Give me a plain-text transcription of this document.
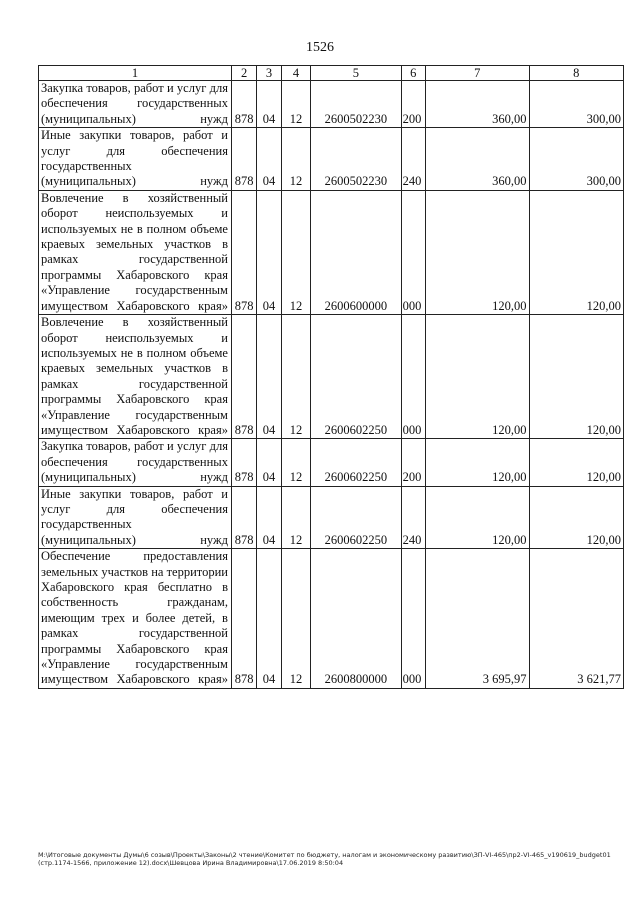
1526
1	2	3	4	5	6	7	8
Закупка товаров, работ и услуг для обеспечения государственных (муниципальных) нужд	878	04	12	2600502230	200	360,00	300,00
Иные закупки товаров, работ и услуг для обеспечения государственных (муниципальных) нужд	878	04	12	2600502230	240	360,00	300,00
Вовлечение в хозяйственный оборот неиспользуемых и используемых не в полном объеме краевых земельных участков в рамках государственной программы Хабаровского края «Управление государственным имуществом Хабаровского края»	878	04	12	2600600000	000	120,00	120,00
Вовлечение в хозяйственный оборот неиспользуемых и используемых не в полном объеме краевых земельных участков в рамках государственной программы Хабаровского края «Управление государственным имуществом Хабаровского края»	878	04	12	2600602250	000	120,00	120,00
Закупка товаров, работ и услуг для обеспечения государственных (муниципальных) нужд	878	04	12	2600602250	200	120,00	120,00
Иные закупки товаров, работ и услуг для обеспечения государственных (муниципальных) нужд	878	04	12	2600602250	240	120,00	120,00
Обеспечение предоставления земельных участков на территории Хабаровского края бесплатно в собственность гражданам, имеющим трех и более детей, в рамках государственной программы Хабаровского края «Управление государственным имуществом Хабаровского края»	878	04	12	2600800000	000	3 695,97	3 621,77
M:\Итоговые документы Думы\6 созыв\Проекты\Законы\2 чтение\Комитет по бюджету, налогам и экономическому развитию\ЗП-VI-465\пр2-VI-465_v190619_budget01
(стр.1174-1566, приложение 12).docx\Шевцова Ирина Владимировна\17.06.2019 8:50:04
